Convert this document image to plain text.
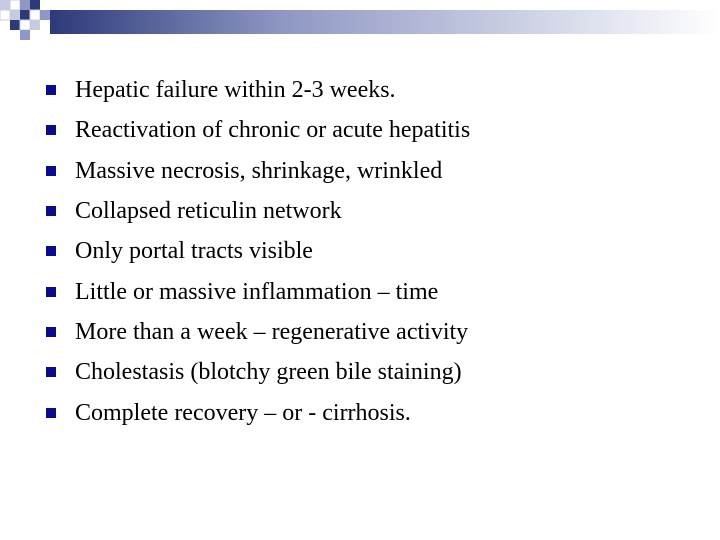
Hepatic failure within 2-3 weeks.
Reactivation of chronic or acute hepatitis
Massive necrosis, shrinkage, wrinkled
Collapsed reticulin network
Only portal tracts visible
Little or massive inflammation – time
More than a week – regenerative activity
Cholestasis (blotchy green bile staining)
Complete recovery – or - cirrhosis.
